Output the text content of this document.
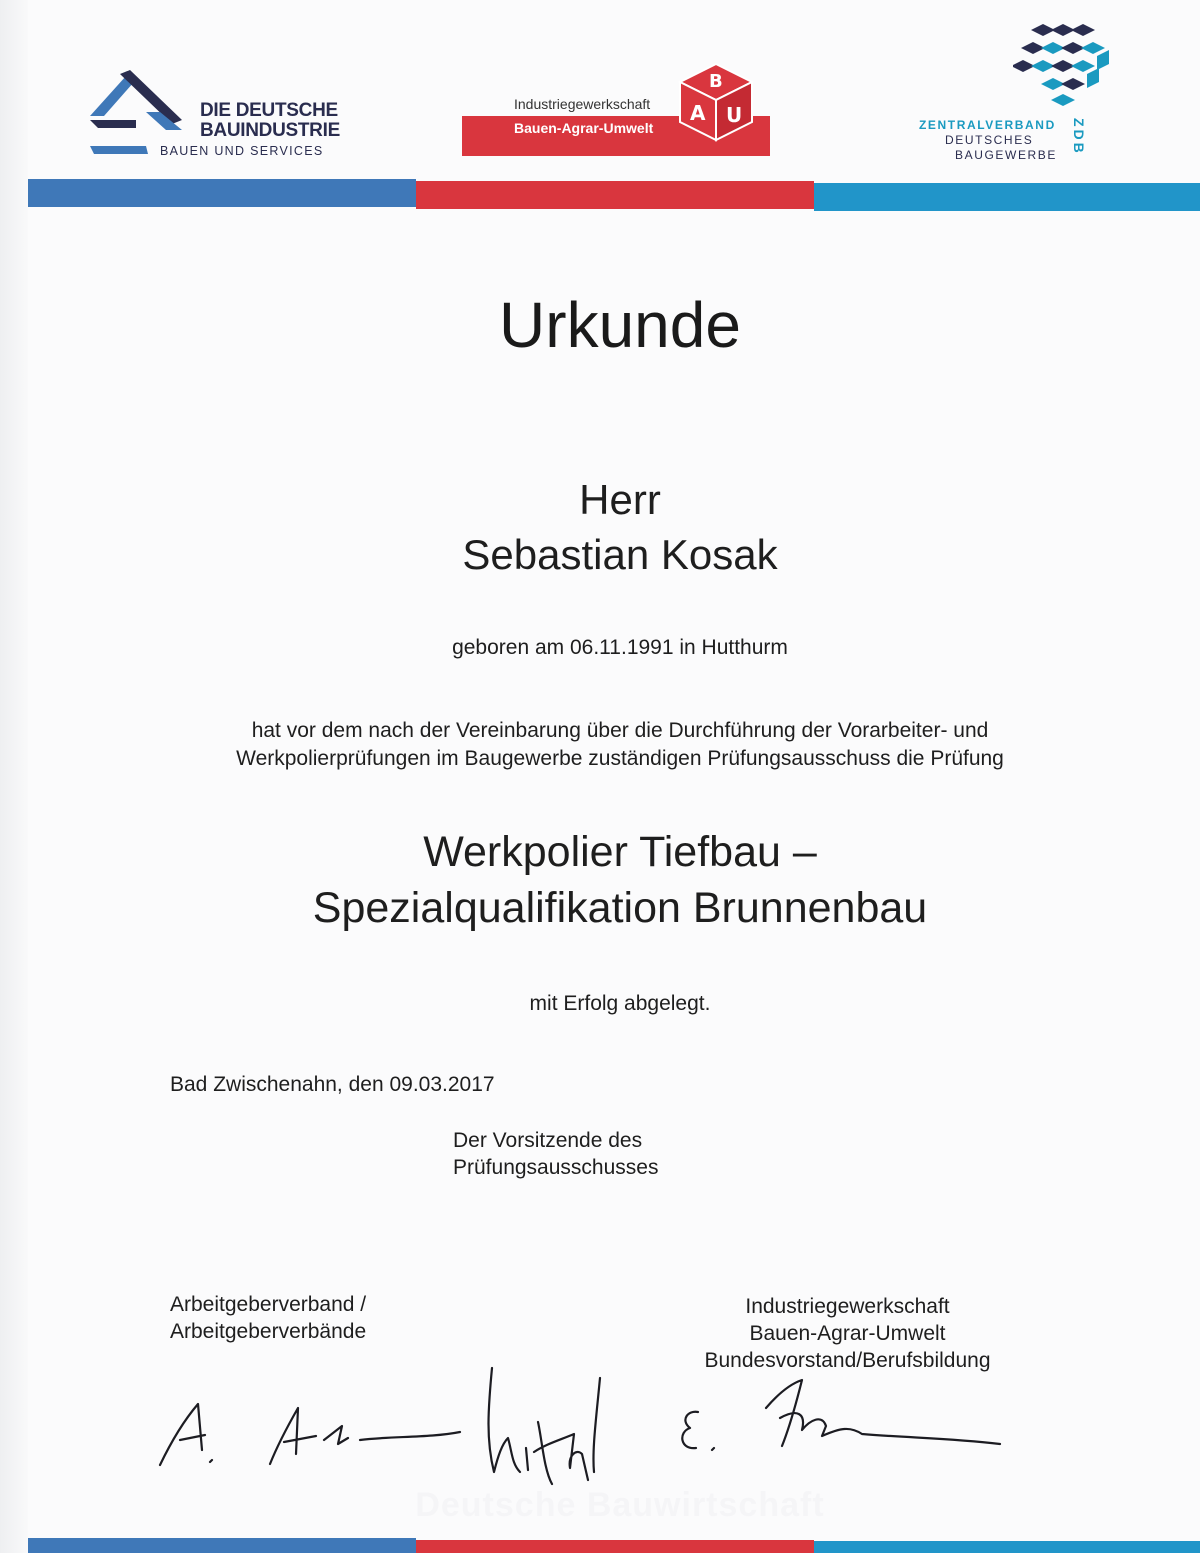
DIE DEUTSCHE
BAUINDUSTRIE
BAUEN UND SERVICES
Industriegewerkschaft
Bauen-Agrar-Umwelt
B
A U	ZENTRALVERBAND
DEUTSCHES
BAUGEWERBE ZDB
Urkunde
Herr
Sebastian Kosak
geboren am 06.11.1991 in Hutthurm
hat vor dem nach der Vereinbarung über die Durchführung der Vorarbeiter- und
Werkpolierprüfungen im Baugewerbe zuständigen Prüfungsausschuss die Prüfung
Werkpolier Tiefbau –
Spezialqualifikation Brunnenbau
mit Erfolg abgelegt.
Bad Zwischenahn, den 09.03.2017
Der Vorsitzende des
Prüfungsausschusses
Arbeitgeberverband /
Arbeitgeberverbände
Industriegewerkschaft
Bauen-Agrar-Umwelt
Bundesvorstand/Berufsbildung
Deutsche Bauwirtschaft
